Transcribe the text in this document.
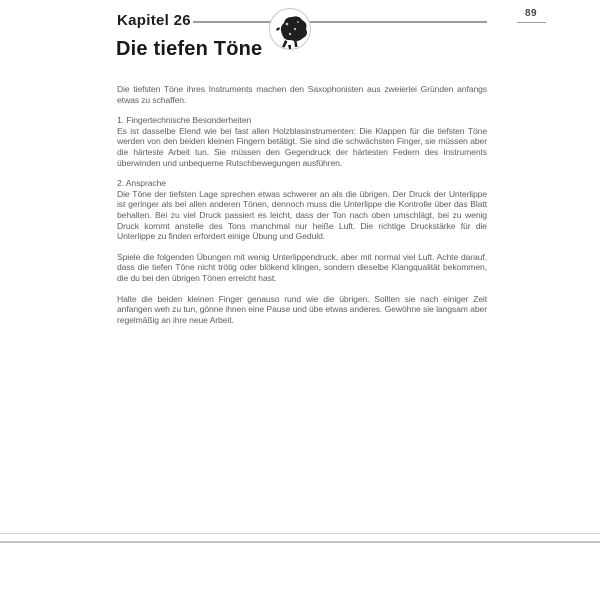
Kapitel 26	89
Die tiefen Töne

Die tiefsten Töne ihres Instruments machen den Saxophonisten aus zweierlei Gründen anfangs etwas zu schaffen.

1. Fingertechnische Besonderheiten

Es ist dasselbe Elend wie bei fast allen Holzblasinstrumenten: Die Klappen für die tiefsten Töne werden von den beiden kleinen Fingern betätigt. Sie sind die schwächsten Finger, sie müssen aber die härteste Arbeit tun. Sie müssen den Gegendruck der härtesten Federn des Instruments überwinden und unbequeme Rutschbewegungen ausführen.

2. Ansprache

Die Töne der tiefsten Lage sprechen etwas schwerer an als die übrigen. Der Druck der Unterlippe ist geringer als bei allen anderen Tönen, dennoch muss die Unterlippe die Kontrolle über das Blatt behalten. Bei zu viel Druck passiert es leicht, dass der Ton nach oben umschlägt, bei zu wenig Druck kommt anstelle des Tons manchmal nur heiße Luft. Die richtige Druckstärke für die Unterlippe zu finden erfordert einige Übung und Geduld.

Spiele die folgenden Übungen mit wenig Unterlippendruck, aber mit normal viel Luft. Achte darauf, dass die tiefen Töne nicht trötig oder blökend klingen, sondern dieselbe Klangqualität bekommen, die du bei den übrigen Tönen erreicht hast.

Halte die beiden kleinen Finger genauso rund wie die übrigen. Sollten sie nach einiger Zeit anfangen weh zu tun, gönne ihnen eine Pause und übe etwas anderes. Gewöhne sie langsam aber regelmäßig an ihre neue Arbeit.
